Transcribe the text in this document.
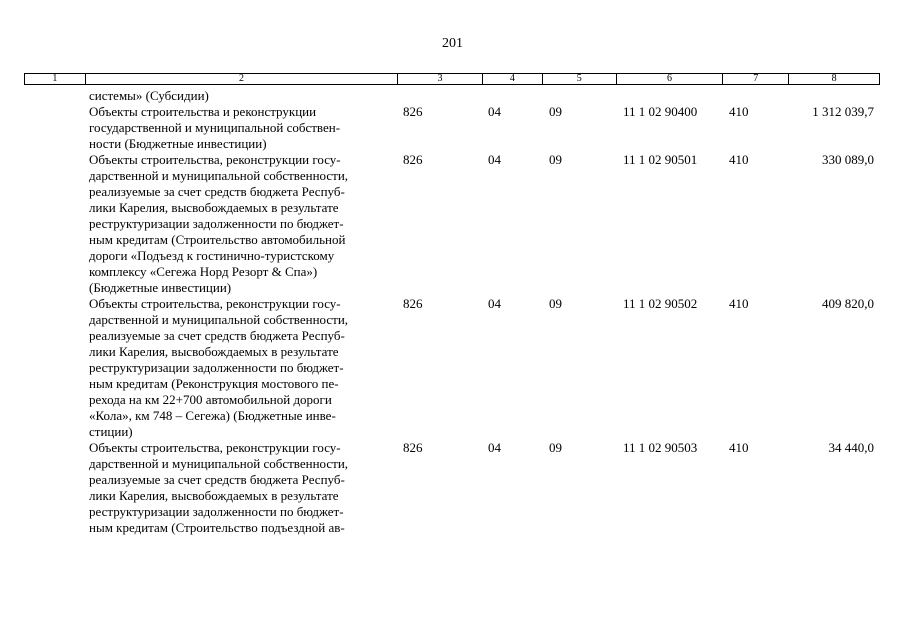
201
1	2	3	4	5	6	7	8
системы» (Субсидии)
Объекты строительства и реконструкции
государственной и муниципальной собствен-
ности (Бюджетные инвестиции)
826	04	09	11 1 02 90400	410	1 312 039,7
Объекты строительства, реконструкции госу-
дарственной и муниципальной собственности,
реализуемые за счет средств бюджета Респуб-
лики Карелия, высвобождаемых в результате
реструктуризации задолженности по бюджет-
ным кредитам (Строительство автомобильной
дороги «Подъезд к гостинично-туристскому
комплексу «Сегежа Норд Резорт & Спа»)
(Бюджетные инвестиции)
826	04	09	11 1 02 90501	410	330 089,0
Объекты строительства, реконструкции госу-
дарственной и муниципальной собственности,
реализуемые за счет средств бюджета Респуб-
лики Карелия, высвобождаемых в результате
реструктуризации задолженности по бюджет-
ным кредитам (Реконструкция мостового пе-
рехода на км 22+700 автомобильной дороги
«Кола», км 748 – Сегежа) (Бюджетные инве-
стиции)
826	04	09	11 1 02 90502	410	409 820,0
Объекты строительства, реконструкции госу-
дарственной и муниципальной собственности,
реализуемые за счет средств бюджета Респуб-
лики Карелия, высвобождаемых в результате
реструктуризации задолженности по бюджет-
ным кредитам (Строительство подъездной ав-
826	04	09	11 1 02 90503	410	34 440,0
